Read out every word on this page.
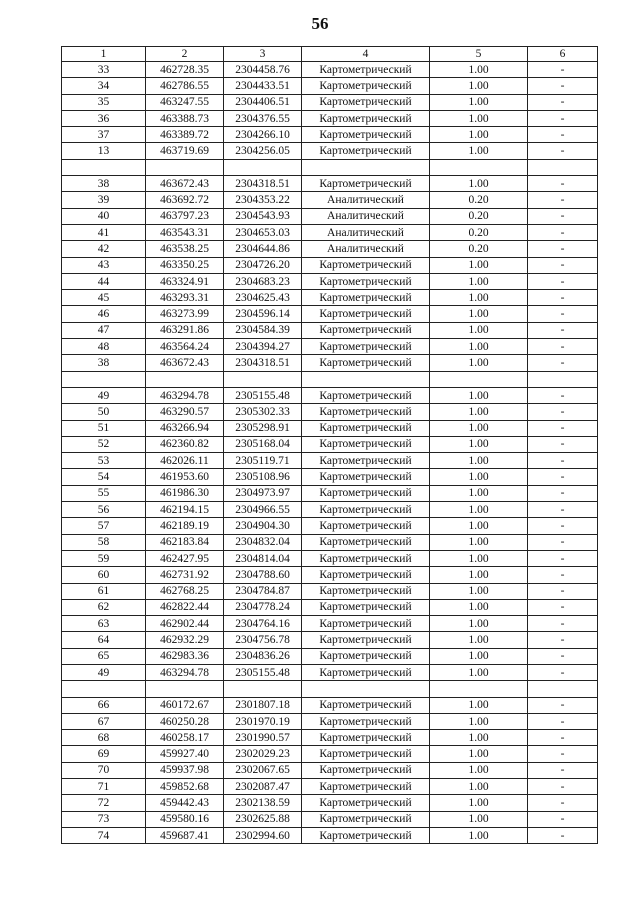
56
1	2	3	4	5	6
33	462728.35	2304458.76	Картометрический	1.00	-
34	462786.55	2304433.51	Картометрический	1.00	-
35	463247.55	2304406.51	Картометрический	1.00	-
36	463388.73	2304376.55	Картометрический	1.00	-
37	463389.72	2304266.10	Картометрический	1.00	-
13	463719.69	2304256.05	Картометрический	1.00	-

38	463672.43	2304318.51	Картометрический	1.00	-
39	463692.72	2304353.22	Аналитический	0.20	-
40	463797.23	2304543.93	Аналитический	0.20	-
41	463543.31	2304653.03	Аналитический	0.20	-
42	463538.25	2304644.86	Аналитический	0.20	-
43	463350.25	2304726.20	Картометрический	1.00	-
44	463324.91	2304683.23	Картометрический	1.00	-
45	463293.31	2304625.43	Картометрический	1.00	-
46	463273.99	2304596.14	Картометрический	1.00	-
47	463291.86	2304584.39	Картометрический	1.00	-
48	463564.24	2304394.27	Картометрический	1.00	-
38	463672.43	2304318.51	Картометрический	1.00	-

49	463294.78	2305155.48	Картометрический	1.00	-
50	463290.57	2305302.33	Картометрический	1.00	-
51	463266.94	2305298.91	Картометрический	1.00	-
52	462360.82	2305168.04	Картометрический	1.00	-
53	462026.11	2305119.71	Картометрический	1.00	-
54	461953.60	2305108.96	Картометрический	1.00	-
55	461986.30	2304973.97	Картометрический	1.00	-
56	462194.15	2304966.55	Картометрический	1.00	-
57	462189.19	2304904.30	Картометрический	1.00	-
58	462183.84	2304832.04	Картометрический	1.00	-
59	462427.95	2304814.04	Картометрический	1.00	-
60	462731.92	2304788.60	Картометрический	1.00	-
61	462768.25	2304784.87	Картометрический	1.00	-
62	462822.44	2304778.24	Картометрический	1.00	-
63	462902.44	2304764.16	Картометрический	1.00	-
64	462932.29	2304756.78	Картометрический	1.00	-
65	462983.36	2304836.26	Картометрический	1.00	-
49	463294.78	2305155.48	Картометрический	1.00	-

66	460172.67	2301807.18	Картометрический	1.00	-
67	460250.28	2301970.19	Картометрический	1.00	-
68	460258.17	2301990.57	Картометрический	1.00	-
69	459927.40	2302029.23	Картометрический	1.00	-
70	459937.98	2302067.65	Картометрический	1.00	-
71	459852.68	2302087.47	Картометрический	1.00	-
72	459442.43	2302138.59	Картометрический	1.00	-
73	459580.16	2302625.88	Картометрический	1.00	-
74	459687.41	2302994.60	Картометрический	1.00	-
